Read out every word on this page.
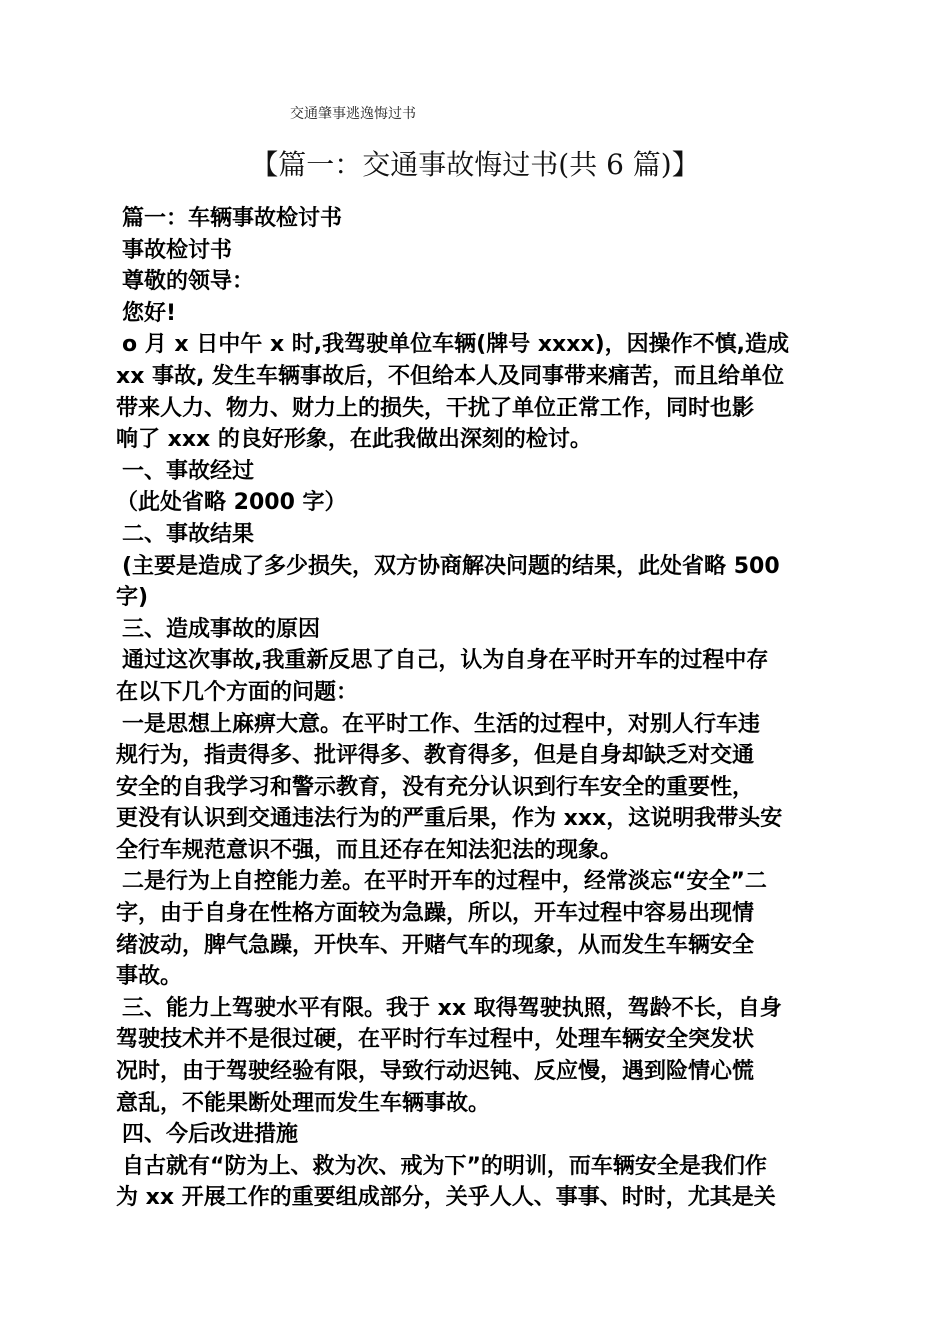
交通肇事逃逸悔过书
【篇一：交通事故悔过书(共 6 篇)】
篇一：车辆事故检讨书
事故检讨书
尊敬的领导：
您好!
o 月 x 日中午 x 时,我驾驶单位车辆(牌号 xxxx)，因操作不慎,造成
xx 事故, 发生车辆事故后，不但给本人及同事带来痛苦，而且给单位
带来人力、物力、财力上的损失，干扰了单位正常工作，同时也影
响了 xxx 的良好形象，在此我做出深刻的检讨。
一、事故经过
（此处省略 2000 字）
二、事故结果
(主要是造成了多少损失，双方协商解决问题的结果，此处省略 500
字)
三、造成事故的原因
通过这次事故,我重新反思了自己，认为自身在平时开车的过程中存
在以下几个方面的问题：
一是思想上麻痹大意。在平时工作、生活的过程中，对别人行车违
规行为，指责得多、批评得多、教育得多，但是自身却缺乏对交通
安全的自我学习和警示教育，没有充分认识到行车安全的重要性，
更没有认识到交通违法行为的严重后果，作为 xxx，这说明我带头安
全行车规范意识不强，而且还存在知法犯法的现象。
二是行为上自控能力差。在平时开车的过程中，经常淡忘“安全”二
字，由于自身在性格方面较为急躁，所以，开车过程中容易出现情
绪波动，脾气急躁，开快车、开赌气车的现象，从而发生车辆安全
事故。
三、能力上驾驶水平有限。我于 xx 取得驾驶执照，驾龄不长，自身
驾驶技术并不是很过硬，在平时行车过程中，处理车辆安全突发状
况时，由于驾驶经验有限，导致行动迟钝、反应慢，遇到险情心慌
意乱，不能果断处理而发生车辆事故。
四、今后改进措施
自古就有“防为上、救为次、戒为下”的明训，而车辆安全是我们作
为 xx 开展工作的重要组成部分，关乎人人、事事、时时，尤其是关
